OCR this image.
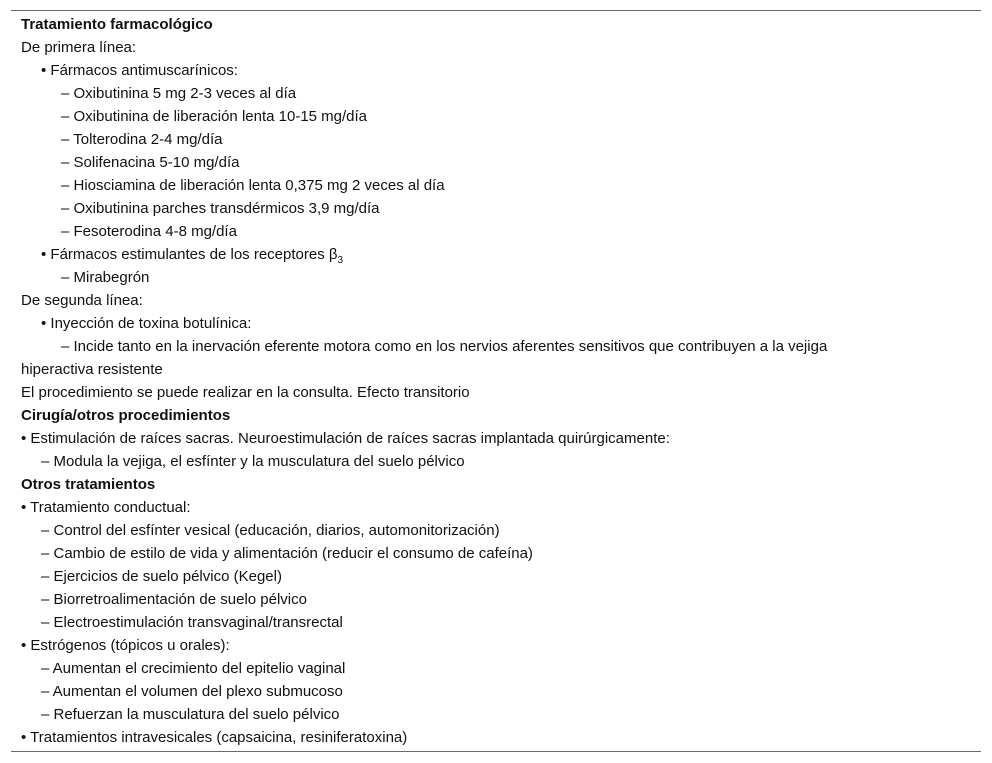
Tratamiento farmacológico
De primera línea:
• Fármacos antimuscarínicos:
– Oxibutinina 5 mg 2-3 veces al día
– Oxibutinina de liberación lenta 10-15 mg/día
– Tolterodina 2-4 mg/día
– Solifenacina 5-10 mg/día
– Hiosciamina de liberación lenta 0,375 mg 2 veces al día
– Oxibutinina parches transdérmicos 3,9 mg/día
– Fesoterodina 4-8 mg/día
• Fármacos estimulantes de los receptores $\beta_3$
– Mirabegrón
De segunda línea:
• Inyección de toxina botulínica:
– Incide tanto en la inervación eferente motora como en los nervios aferentes sensitivos que contribuyen a la vejiga
hiperactiva resistente
El procedimiento se puede realizar en la consulta. Efecto transitorio
Cirugía/otros procedimientos
• Estimulación de raíces sacras. Neuroestimulación de raíces sacras implantada quirúrgicamente:
– Modula la vejiga, el esfínter y la musculatura del suelo pélvico
Otros tratamientos
• Tratamiento conductual:
– Control del esfínter vesical (educación, diarios, automonitorización)
– Cambio de estilo de vida y alimentación (reducir el consumo de cafeína)
– Ejercicios de suelo pélvico (Kegel)
– Biorretroalimentación de suelo pélvico
– Electroestimulación transvaginal/transrectal
• Estrógenos (tópicos u orales):
– Aumentan el crecimiento del epitelio vaginal
– Aumentan el volumen del plexo submucoso
– Refuerzan la musculatura del suelo pélvico
• Tratamientos intravesicales (capsaicina, resiniferatoxina)
